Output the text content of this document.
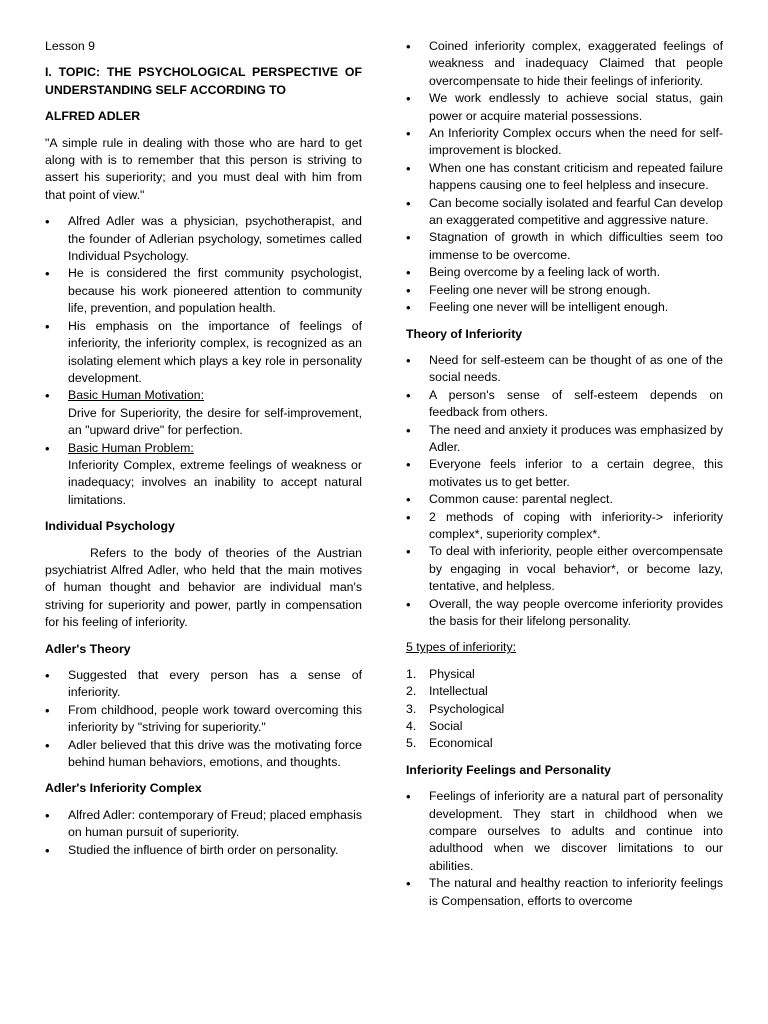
Lesson 9

I. TOPIC: THE PSYCHOLOGICAL PERSPECTIVE OF UNDERSTANDING SELF ACCORDING TO

ALFRED ADLER

"A simple rule in dealing with those who are hard to get along with is to remember that this person is striving to assert his superiority; and you must deal with him from that point of view."

• Alfred Adler was a physician, psychotherapist, and the founder of Adlerian psychology, sometimes called Individual Psychology.
• He is considered the first community psychologist, because his work pioneered attention to community life, prevention, and population health.
• His emphasis on the importance of feelings of inferiority, the inferiority complex, is recognized as an isolating element which plays a key role in personality development.
• Basic Human Motivation:
Drive for Superiority, the desire for self-improvement, an "upward drive" for perfection.
• Basic Human Problem:
Inferiority Complex, extreme feelings of weakness or inadequacy; involves an inability to accept natural limitations.

Individual Psychology

Refers to the body of theories of the Austrian psychiatrist Alfred Adler, who held that the main motives of human thought and behavior are individual man's striving for superiority and power, partly in compensation for his feeling of inferiority.

Adler's Theory

• Suggested that every person has a sense of inferiority.
• From childhood, people work toward overcoming this inferiority by "striving for superiority."
• Adler believed that this drive was the motivating force behind human behaviors, emotions, and thoughts.

Adler's Inferiority Complex

• Alfred Adler: contemporary of Freud; placed emphasis on human pursuit of superiority.
• Studied the influence of birth order on personality.
• Coined inferiority complex, exaggerated feelings of weakness and inadequacy Claimed that people overcompensate to hide their feelings of inferiority.
• We work endlessly to achieve social status, gain power or acquire material possessions.
• An Inferiority Complex occurs when the need for self-improvement is blocked.
• When one has constant criticism and repeated failure happens causing one to feel helpless and insecure.
• Can become socially isolated and fearful Can develop an exaggerated competitive and aggressive nature.
• Stagnation of growth in which difficulties seem too immense to be overcome.
• Being overcome by a feeling lack of worth.
• Feeling one never will be strong enough.
• Feeling one never will be intelligent enough.

Theory of Inferiority

• Need for self-esteem can be thought of as one of the social needs.
• A person's sense of self-esteem depends on feedback from others.
• The need and anxiety it produces was emphasized by Adler.
• Everyone feels inferior to a certain degree, this motivates us to get better.
• Common cause: parental neglect.
• 2 methods of coping with inferiority-> inferiority complex*, superiority complex*.
• To deal with inferiority, people either overcompensate by engaging in vocal behavior*, or become lazy, tentative, and helpless.
• Overall, the way people overcome inferiority provides the basis for their lifelong personality.

5 types of inferiority:

1. Physical
2. Intellectual
3. Psychological
4. Social
5. Economical

Inferiority Feelings and Personality

• Feelings of inferiority are a natural part of personality development. They start in childhood when we compare ourselves to adults and continue into adulthood when we discover limitations to our abilities.
• The natural and healthy reaction to inferiority feelings is Compensation, efforts to overcome
